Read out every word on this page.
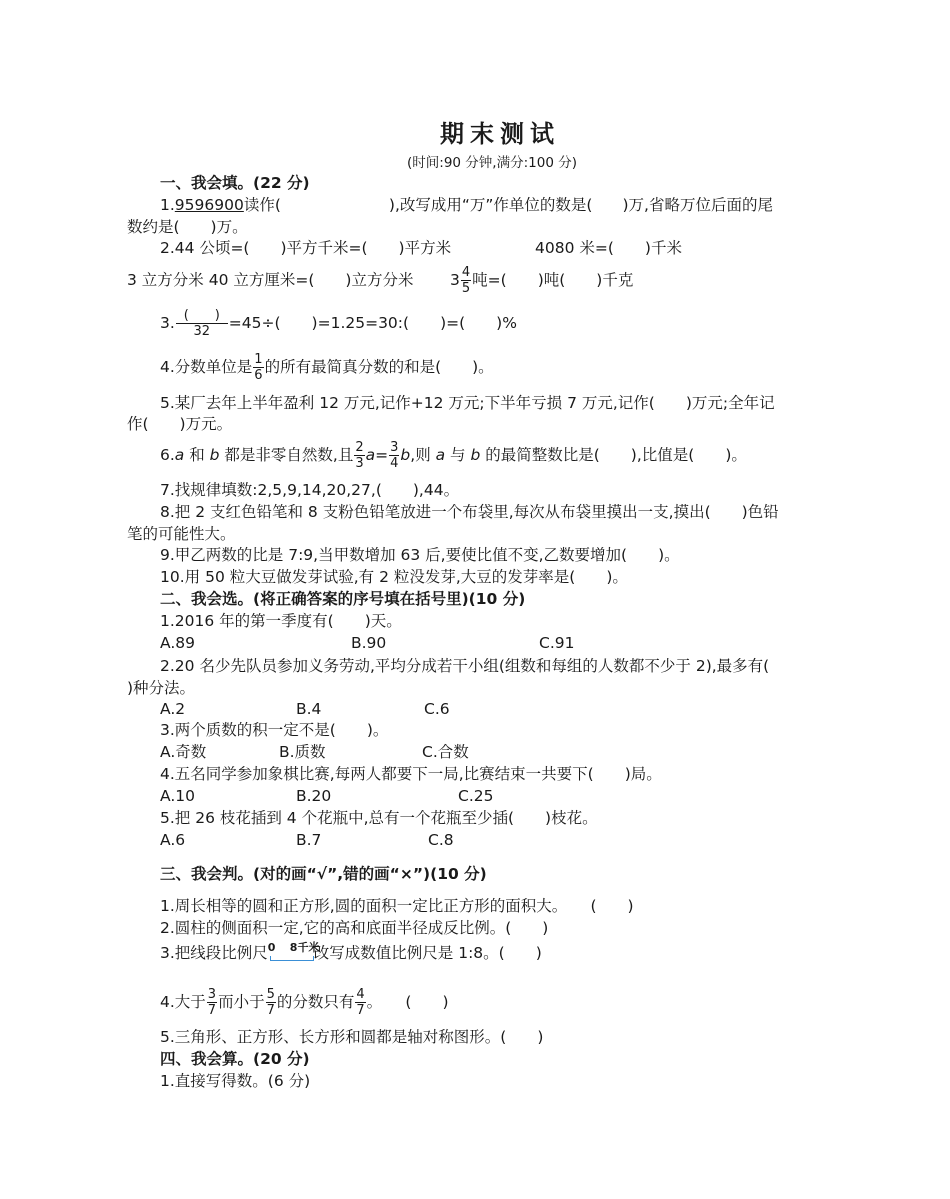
期末测试
(时间:90 分钟,满分:100 分)
一、我会填。(22 分)
1.9596900读作(	),改写成用“万”作单位的数是( )万,省略万位后面的尾
数约是(　　)万。
2.44 公顷=(　　)平方千米=(　　)平方米	4080 米=(　　)千米
3 立方分米 40 立方厘米=(　　)立方分米 $3 \frac{4}{5}$ 吨=(　　)吨(　　)千克
3. (　　)
32	=45÷(　　)=1.25=30:(　　)=(　　)%
4.分数单位是 $\frac{1}{6}$ 的所有最简真分数的和是(　　)。
5.某厂去年上半年盈利 12 万元,记作+12 万元;下半年亏损 7 万元,记作(　　)万元;全年记
作(　　)万元。
6.a 和 b 都是非零自然数,且 $\frac{2}{3} a= \frac{3}{4} b$,则 a 与 b 的最简整数比是(　　),比值是(　　)。
7.找规律填数:2,5,9,14,20,27,(　　),44。
8.把 2 支红色铅笔和 8 支粉色铅笔放进一个布袋里,每次从布袋里摸出一支,摸出(　　)色铅
笔的可能性大。
9.甲乙两数的比是 7:9,当甲数增加 63 后,要使比值不变,乙数要增加(　　)。
10.用 50 粒大豆做发芽试验,有 2 粒没发芽,大豆的发芽率是(　　)。
二、我会选。(将正确答案的序号填在括号里)(10 分)
1.2016 年的第一季度有(　　)天。
A.89	B.90	C.91
2.20 名少先队员参加义务劳动,平均分成若干小组(组数和每组的人数都不少于 2),最多有(
)种分法。
A.2	B.4	C.6
3.两个质数的积一定不是(　　)。
A.奇数	B.质数	C.合数
4.五名同学参加象棋比赛,每两人都要下一局,比赛结束一共要下(　　)局。
A.10	B.20	C.25
5.把 26 枝花插到 4 个花瓶中,总有一个花瓶至少插(　　)枝花。
A.6	B.7	C.8
三、我会判。(对的画“√”,错的画“×”)(10 分)
1.周长相等的圆和正方形,圆的面积一定比正方形的面积大。　　(　　)
2.圆柱的侧面积一定,它的高和底面半径成反比例。(　　)
3.把线段比例尺 0 8千米
改写成数值比例尺是 1:8。(　　)
4.大于 $\frac{3}{7}$ 而小于 $\frac{5}{7}$ 的分数只有 $\frac{4}{7}$ 。　　(　　)
5.三角形、正方形、长方形和圆都是轴对称图形。(　　)
四、我会算。(20 分)
1.直接写得数。(6 分)
